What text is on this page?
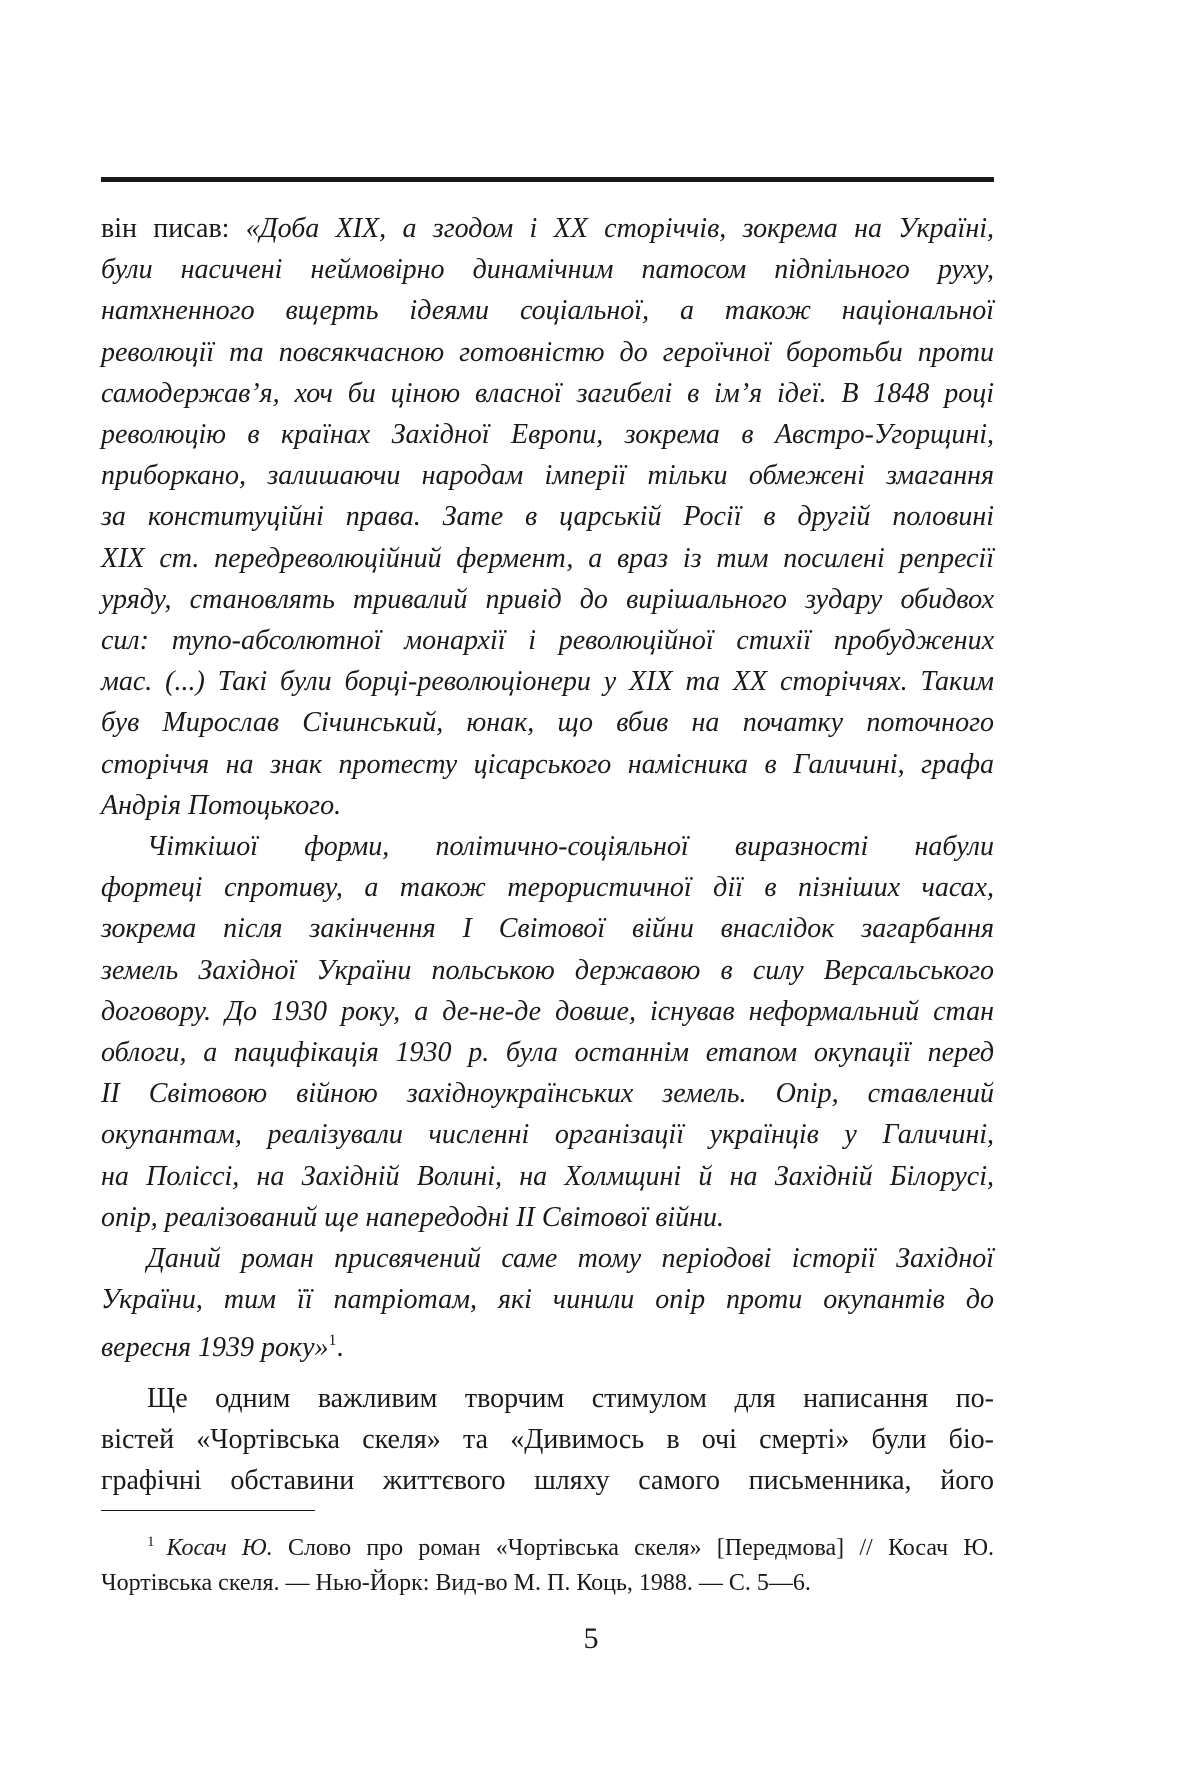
він писав: «Доба XIX, а згодом і XX сторіччів, зокрема на Україні,

були насичені неймовірно динамічним патосом підпільного руху,

натхненного вщерть ідеями соціальної, а також національної

революції та повсякчасною готовністю до героїчної боротьби проти

самодержав’я, хоч би ціною власної загибелі в ім’я ідеї. В 1848 році

революцію в країнах Західної Европи, зокрема в Австро-Угорщині,

приборкано, залишаючи народам імперії тільки обмежені змагання

за конституційні права. Зате в царській Росії в другій половині

XIX ст. передреволюційний фермент, а враз із тим посилені репресії

уряду, становлять тривалий привід до вирішального зудару обидвох

сил: тупо-абсолютної монархії і революційної стихії пробуджених

мас. (...) Такі були борці-революціонери у XIX та XX сторіччях. Таким

був Мирослав Січинський, юнак, що вбив на початку поточного

сторіччя на знак протесту цісарського намісника в Галичині, графа

Андрія Потоцького.

Чіткішої форми, політично-соціяльної виразності набули

фортеці спротиву, а також терористичної дії в пізніших часах,

зокрема після закінчення І Світової війни внаслідок загарбання

земель Західної України польською державою в силу Версальського

договору. До 1930 року, а де-не-де довше, існував неформальний стан

облоги, а пацифікація 1930 р. була останнім етапом окупації перед

ІІ Світовою війною західноукраїнських земель. Опір, ставлений

окупантам, реалізували численні організації українців у Галичині,

на Поліссі, на Західній Волині, на Холмщині й на Західній Білорусі,

опір, реалізований ще напередодні ІІ Світової війни.

Даний роман присвячений саме тому періодові історії Західної

України, тим її патріотам, які чинили опір проти окупантів до

вересня 1939 року»$^1$.

Ще одним важливим творчим стимулом для написання по-

вістей «Чортівська скеля» та «Дивимось в очі смерті» були біо-

графічні обставини життєвого шляху самого письменника, його

$^1$ Косач Ю. Слово про роман «Чортівська скеля» [Передмова] // Косач Ю.

Чортівська скеля. — Нью-Йорк: Вид-во М. П. Коць, 1988. — С. 5—6.

5
